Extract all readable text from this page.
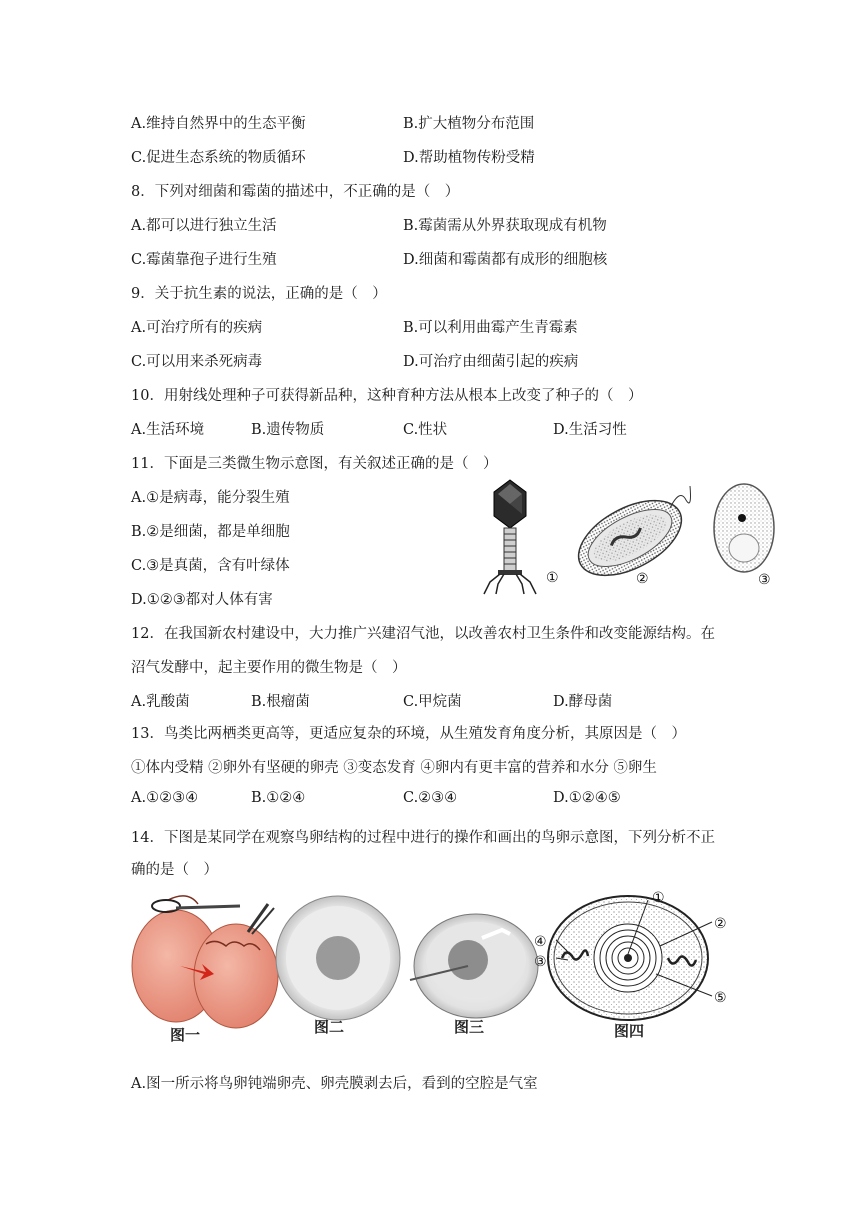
A.维持自然界中的生态平衡	B.扩大植物分布范围
C.促进生态系统的物质循环	D.帮助植物传粉受精
8．下列对细菌和霉菌的描述中，不正确的是（　）
A.都可以进行独立生活	B.霉菌需从外界获取现成有机物
C.霉菌靠孢子进行生殖	D.细菌和霉菌都有成形的细胞核
9．关于抗生素的说法，正确的是（　）
A.可治疗所有的疾病	B.可以利用曲霉产生青霉素
C.可以用来杀死病毒	D.可治疗由细菌引起的疾病
10．用射线处理种子可获得新品种，这种育种方法从根本上改变了种子的（　）
A.生活环境	B.遗传物质	C.性状	D.生活习性
11．下面是三类微生物示意图，有关叙述正确的是（　）
A.①是病毒，能分裂生殖
B.②是细菌，都是单细胞
C.③是真菌，含有叶绿体
D.①②③都对人体有害
①	②	③
12．在我国新农村建设中，大力推广兴建沼气池，以改善农村卫生条件和改变能源结构。在
沼气发酵中，起主要作用的微生物是（　）
A.乳酸菌	B.根瘤菌	C.甲烷菌	D.酵母菌
13．鸟类比两栖类更高等，更适应复杂的环境，从生殖发育角度分析，其原因是（　）
①体内受精 ②卵外有坚硬的卵壳 ③变态发育 ④卵内有更丰富的营养和水分 ⑤卵生
A.①②③④	B.①②④	C.②③④	D.①②④⑤
14．下图是某同学在观察鸟卵结构的过程中进行的操作和画出的鸟卵示意图，下列分析不正
确的是（　）
图一	图二	图三
①
②
③
④
⑤
图四
A.图一所示将鸟卵钝端卵壳、卵壳膜剥去后，看到的空腔是气室
